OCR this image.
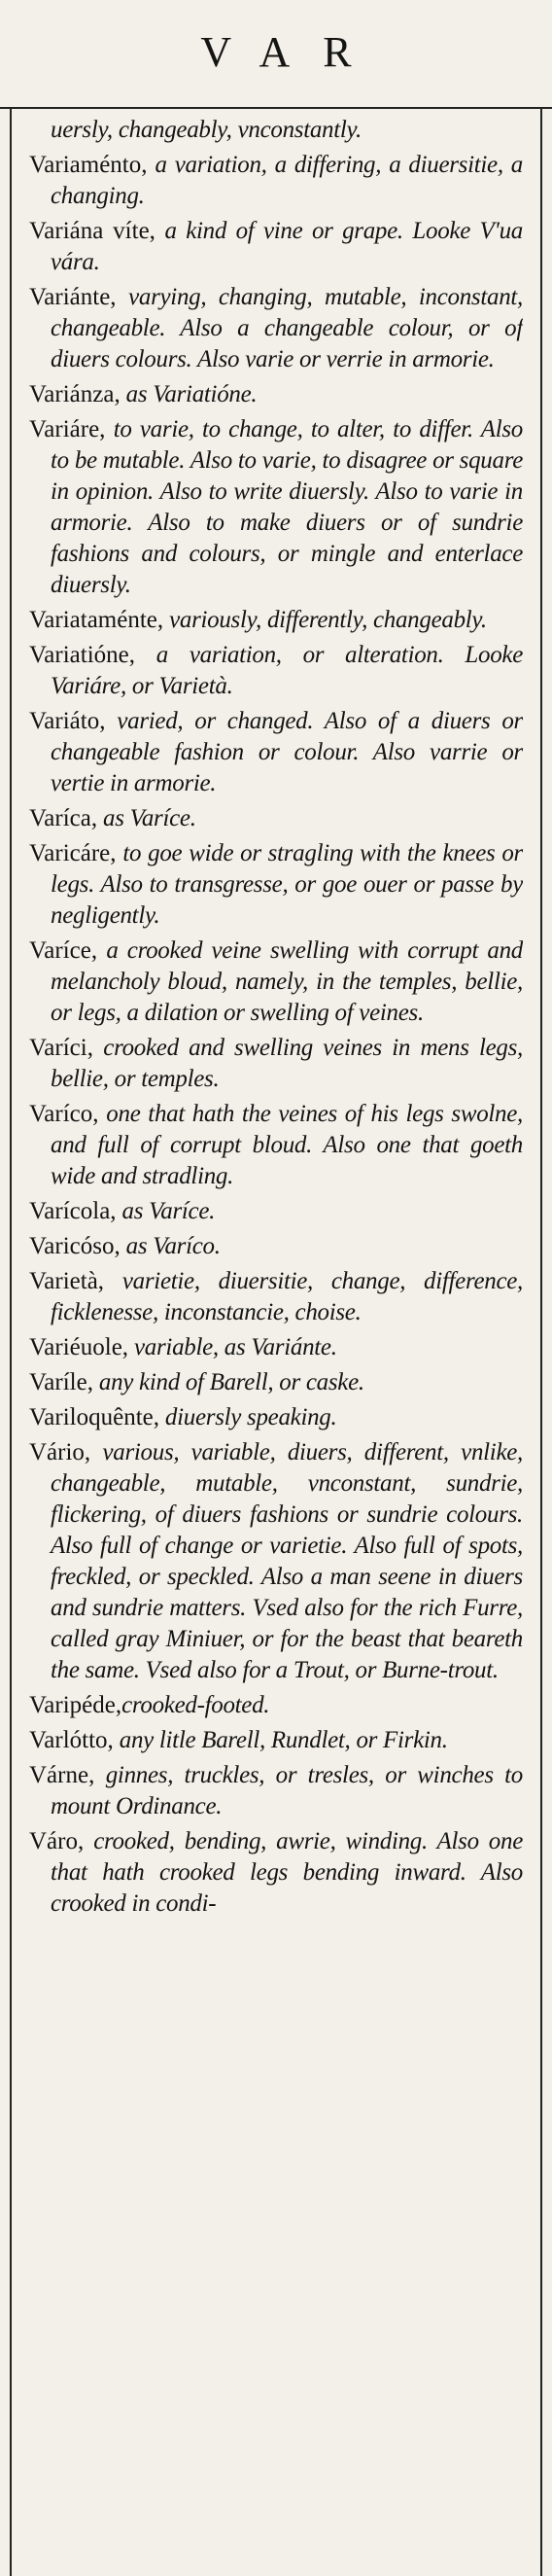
VAR

uersly, changeably, vnconstantly.

Variaménto, a variation, a differing, a diuersitie, a changing.

Variána víte, a kind of vine or grape. Looke V'ua vára.

Variánte, varying, changing, mutable, inconstant, changeable. Also a changeable colour, or of diuers colours. Also varie or verrie in armorie.

Variánza, as Variatióne.

Variáre, to varie, to change, to alter, to differ. Also to be mutable. Also to varie, to disagree or square in opinion. Also to write diuersly. Also to varie in armorie. Also to make diuers or of sundrie fashions and colours, or mingle and enterlace diuersly.

Variataménte, variously, differently, changeably.

Variatióne, a variation, or alteration. Looke Variáre, or Varietà.

Variáto, varied, or changed. Also of a diuers or changeable fashion or colour. Also varrie or vertie in armorie.

Varíca, as Varíce.

Varicáre, to goe wide or stragling with the knees or legs. Also to transgresse, or goe ouer or passe by negligently.

Varíce, a crooked veine swelling with corrupt and melancholy bloud, namely, in the temples, bellie, or legs, a dilation or swelling of veines.

Varíci, crooked and swelling veines in mens legs, bellie, or temples.

Varíco, one that hath the veines of his legs swolne, and full of corrupt bloud. Also one that goeth wide and stradling.

Varícola, as Varíce.

Varicóso, as Varíco.

Varietà, varietie, diuersitie, change, difference, ficklenesse, inconstancie, choise.

Variéuole, variable, as Variánte.

Varíle, any kind of Barell, or caske.

Variloquênte, diuersly speaking.

Vário, various, variable, diuers, different, vnlike, changeable, mutable, vnconstant, sundrie, flickering, of diuers fashions or sundrie colours. Also full of change or varietie. Also full of spots, freckled, or speckled. Also a man seene in diuers and sundrie matters. Vsed also for the rich Furre, called gray Miniuer, or for the beast that beareth the same. Vsed also for a Trout, or Burne-trout.

Varipéde,crooked-footed.

Varlótto, any litle Barell, Rundlet, or Firkin.

Várne, ginnes, truckles, or tresles, or winches to mount Ordinance.

Váro, crooked, bending, awrie, winding. Also one that hath crooked legs bending inward. Also crooked in condi-
